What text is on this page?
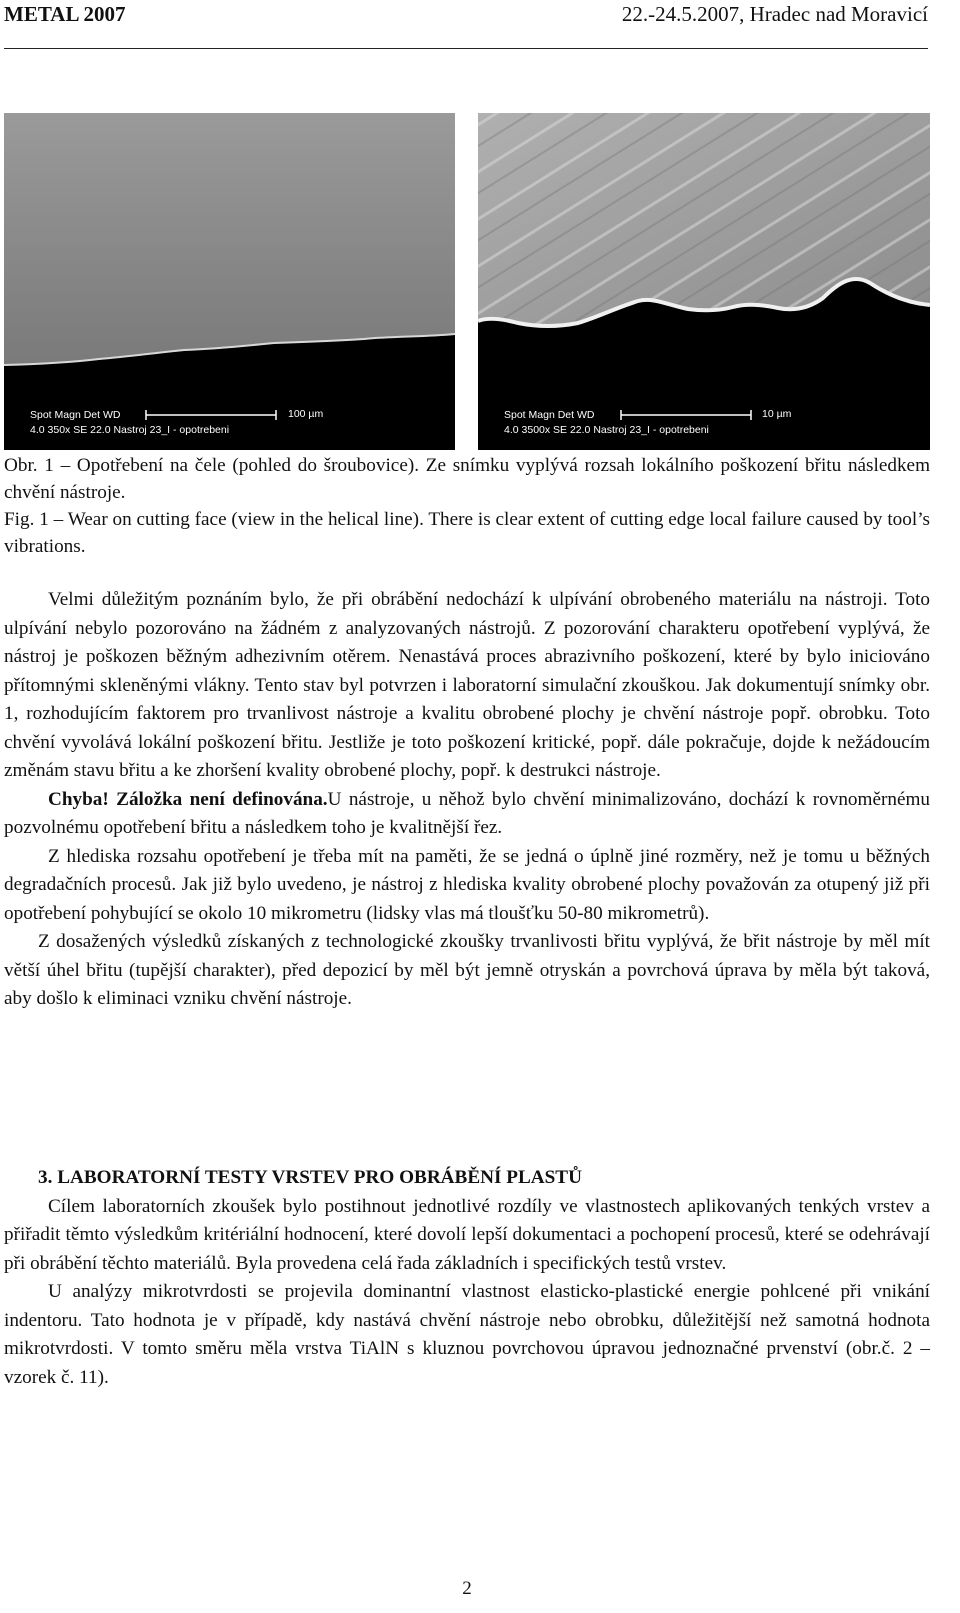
METAL 2007	22.-24.5.2007, Hradec nad Moravicí
Spot Magn Det WD
4.0 350x SE 22.0 Nastroj 23_I - opotrebeni
100 µm	Spot Magn Det WD
4.0 3500x SE 22.0 Nastroj 23_I - opotrebeni
10 µm

Obr. 1 – Opotřebení na čele (pohled do šroubovice). Ze snímku vyplývá rozsah lokálního poškození břitu následkem chvění nástroje.

Fig. 1 – Wear on cutting face (view in the helical line). There is clear extent of cutting edge local failure caused by tool’s vibrations.

Velmi důležitým poznáním bylo, že při obrábění nedochází k ulpívání obrobeného materiálu na nástroji. Toto ulpívání nebylo pozorováno na žádném z analyzovaných nástrojů. Z pozorování charakteru opotřebení vyplývá, že nástroj je poškozen běžným adhezivním otěrem. Nenastává proces abrazivního poškození, které by bylo iniciováno přítomnými skleněnými vlákny. Tento stav byl potvrzen i laboratorní simulační zkouškou. Jak dokumentují snímky obr. 1, rozhodujícím faktorem pro trvanlivost nástroje a kvalitu obrobené plochy je chvění nástroje popř. obrobku. Toto chvění vyvolává lokální poškození břitu. Jestliže je toto poškození kritické, popř. dále pokračuje, dojde k nežádoucím změnám stavu břitu a ke zhoršení kvality obrobené plochy, popř. k destrukci nástroje.

Chyba! Záložka není definována.U nástroje, u něhož bylo chvění minimalizováno, dochází k rovnoměrnému pozvolnému opotřebení břitu a následkem toho je kvalitnější řez.

Z hlediska rozsahu opotřebení je třeba mít na paměti, že se jedná o úplně jiné rozměry, než je tomu u běžných degradačních procesů. Jak již bylo uvedeno, je nástroj z hlediska kvality obrobené plochy považován za otupený již při opotřebení pohybující se okolo 10 mikrometru (lidsky vlas má tloušťku 50-80 mikrometrů).

Z dosažených výsledků získaných z technologické zkoušky trvanlivosti břitu vyplývá, že břit nástroje by měl mít větší úhel břitu (tupější charakter), před depozicí by měl být jemně otryskán a povrchová úprava by měla být taková, aby došlo k eliminaci vzniku chvění nástroje.

3. LABORATORNÍ TESTY VRSTEV PRO OBRÁBĚNÍ PLASTŮ

Cílem laboratorních zkoušek bylo postihnout jednotlivé rozdíly ve vlastnostech aplikovaných tenkých vrstev a přiřadit těmto výsledkům kritériální hodnocení, které dovolí lepší dokumentaci a pochopení procesů, které se odehrávají při obrábění těchto materiálů. Byla provedena celá řada základních i specifických testů vrstev.

U analýzy mikrotvrdosti se projevila dominantní vlastnost elasticko-plastické energie pohlcené při vnikání indentoru. Tato hodnota je v případě, kdy nastává chvění nástroje nebo obrobku, důležitější než samotná hodnota mikrotvrdosti. V tomto směru měla vrstva TiAlN s kluznou povrchovou úpravou jednoznačné prvenství (obr.č. 2 – vzorek č. 11).

2
